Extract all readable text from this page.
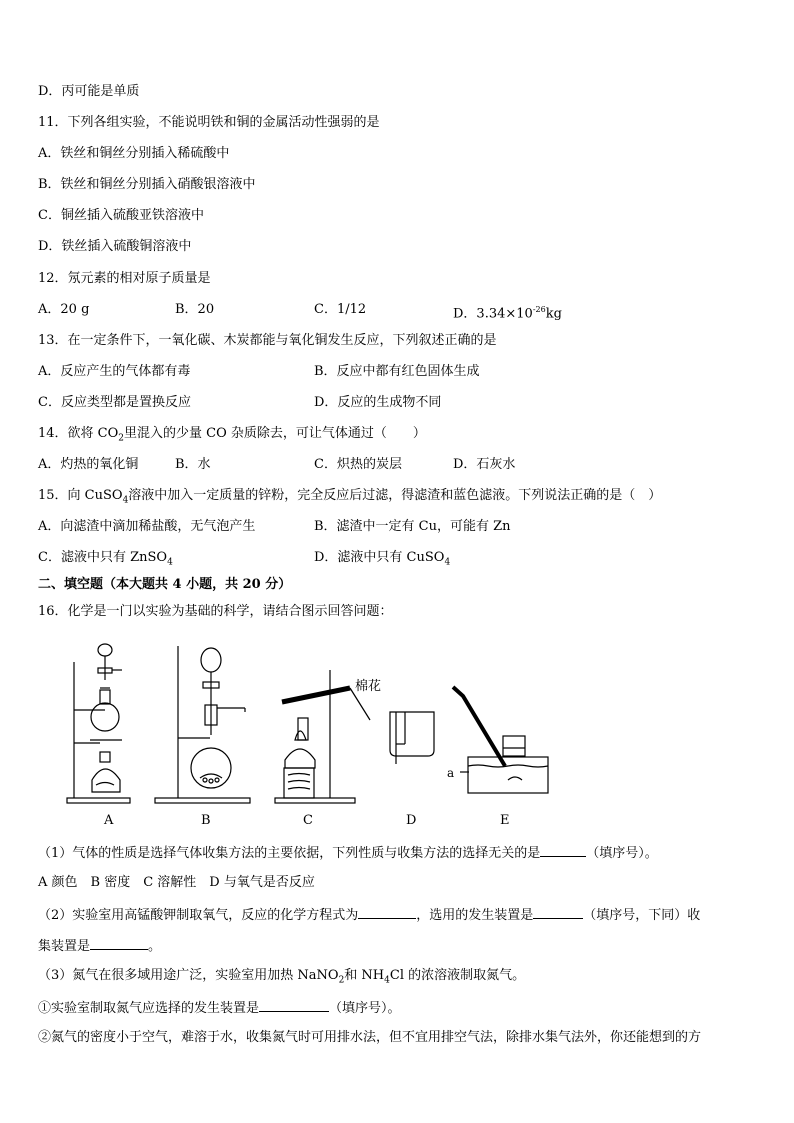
D．丙可能是单质
11．下列各组实验，不能说明铁和铜的金属活动性强弱的是
A．铁丝和铜丝分别插入稀硫酸中
B．铁丝和铜丝分别插入硝酸银溶液中
C．铜丝插入硫酸亚铁溶液中
D．铁丝插入硫酸铜溶液中
12．氖元素的相对原子质量是
A．20 g	B．20	C．1/12	D．$3.34\times 10^{-26}kg$
13．在一定条件下，一氧化碳、木炭都能与氧化铜发生反应，下列叙述正确的是
A．反应产生的气体都有毒	B．反应中都有红色固体生成
C．反应类型都是置换反应	D．反应的生成物不同
14．欲将 $CO_2$里混入的少量 CO 杂质除去，可让气体通过（　　）
A．灼热的氧化铜	B．水	C．炽热的炭层	D．石灰水
15．向 CuSO$_4$溶液中加入一定质量的锌粉，完全反应后过滤，得滤渣和蓝色滤液。下列说法正确的是（　）
A．向滤渣中滴加稀盐酸，无气泡产生	B．滤渣中一定有 Cu，可能有 Zn
C．滤液中只有 ZnSO$_4$	D．滤液中只有 CuSO$_4$
二、填空题（本大题共 4 小题，共 20 分）
16．化学是一门以实验为基础的科学，请结合图示回答问题：
棉花
a
A	B	C	D	E
（1）气体的性质是选择气体收集方法的主要依据，下列性质与收集方法的选择无关的是	（填序号）。
A 颜色　B 密度　C 溶解性　D 与氧气是否反应
（2）实验室用高锰酸钾制取氧气，反应的化学方程式为	，选用的发生装置是	（填序号，下同）收
集装置是	。
（3）氮气在很多域用途广泛，实验室用加热 NaNO$_2$和 $NH_4Cl$ 的浓溶液制取氮气。
①实验室制取氮气应选择的发生装置是	（填序号）。
②氮气的密度小于空气，难溶于水，收集氮气时可用排水法，但不宜用排空气法，除排水集气法外，你还能想到的方
